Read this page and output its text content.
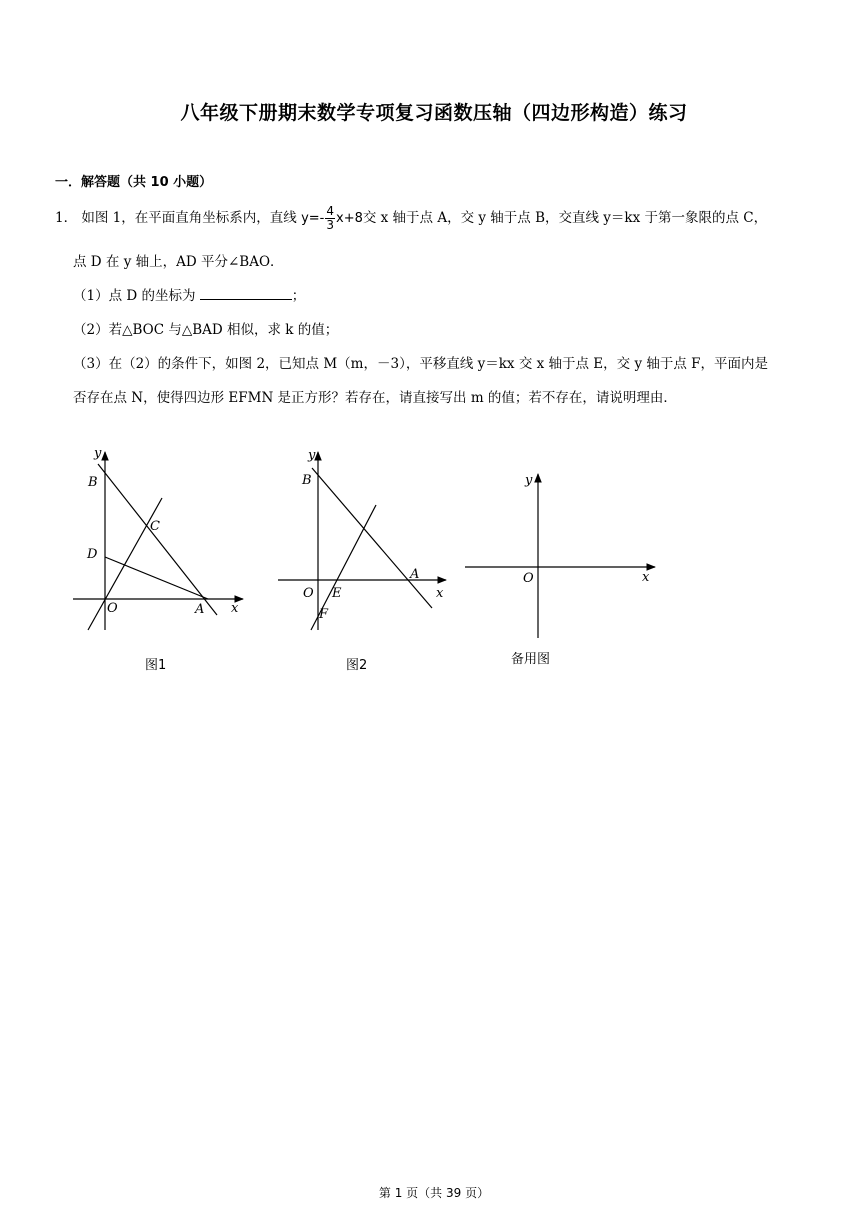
八年级下册期末数学专项复习函数压轴（四边形构造）练习
一．解答题（共 10 小题）
1． 如图 1，在平面直角坐标系内，直线 $y=- \frac{4}{3} x+8$交 x 轴于点 A，交 y 轴于点 B，交直线 y＝kx 于第一象限的点 C，
点 D 在 y 轴上，AD 平分∠BAO．
（1）点 D 的坐标为	；
（2）若△BOC 与△BAD 相似，求 k 的值；
（3）在（2）的条件下，如图 2，已知点 M（m，－3），平移直线 y＝kx 交 x 轴于点 E，交 y 轴于点 F，平面内是
否存在点 N，使得四边形 EFMN 是正方形？若存在，请直接写出 m 的值；若不存在，请说明理由．
y
x
B
C
D
O	A
图1
y
x
B
A
O E
F
图2
y
x
O
备用图
第 1 页（共 39 页）
